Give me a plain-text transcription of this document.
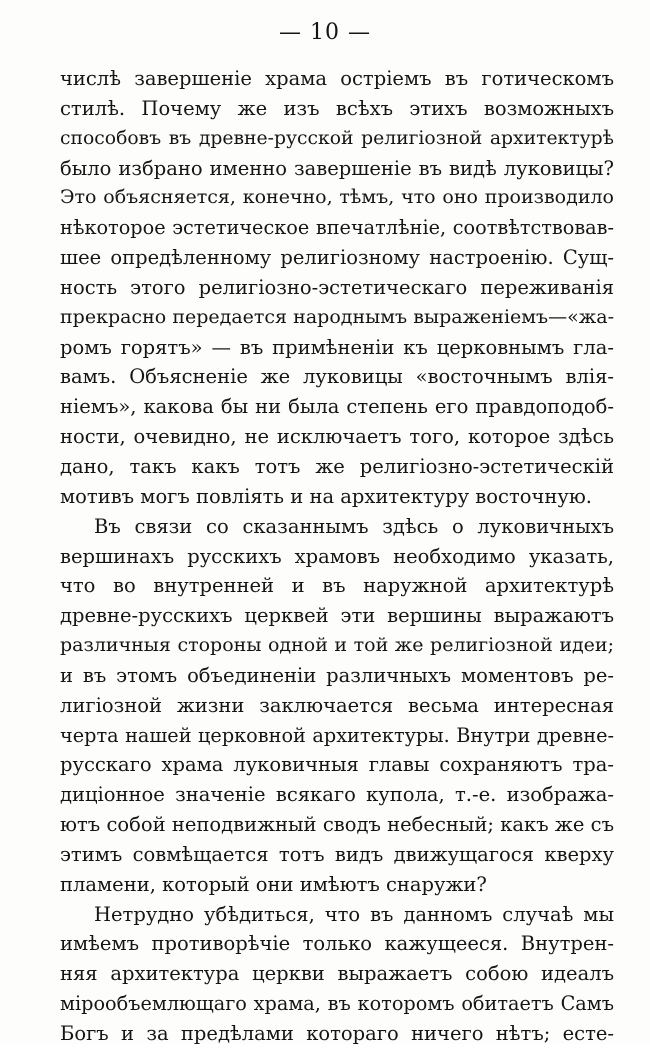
— 10 —
числѣ завершеніе храма остріемъ въ готическомъ
стилѣ. Почему же изъ всѣхъ этихъ возможныхъ
способовъ въ древне-русской религіозной архитектурѣ
было избрано именно завершеніе въ видѣ луковицы?
Это объясняется, конечно, тѣмъ, что оно производило
нѣкоторое эстетическое впечатлѣніе, соотвѣтствовав-
шее опредѣленному религіозному настроенію. Сущ-
ность этого религіозно-эстетическаго переживанія
прекрасно передается народнымъ выраженіемъ—«жа-
ромъ горятъ» — въ примѣненіи къ церковнымъ гла-
вамъ. Объясненіе же луковицы «восточнымъ влія-
ніемъ», какова бы ни была степень его правдоподоб-
ности, очевидно, не исключаетъ того, которое здѣсь
дано, такъ какъ тотъ же религіозно-эстетическій
мотивъ могъ повліять и на архитектуру восточную.
Въ связи со сказаннымъ здѣсь о луковичныхъ
вершинахъ русскихъ храмовъ необходимо указать,
что во внутренней и въ наружной архитектурѣ
древне-русскихъ церквей эти вершины выражаютъ
различныя стороны одной и той же религіозной идеи;
и въ этомъ объединеніи различныхъ моментовъ ре-
лигіозной жизни заключается весьма интересная
черта нашей церковной архитектуры. Внутри древне-
русскаго храма луковичныя главы сохраняютъ тра-
диціонное значеніе всякаго купола, т.-е. изобража-
ютъ собой неподвижный сводъ небесный; какъ же съ
этимъ совмѣщается тотъ видъ движущагося кверху
пламени, который они имѣютъ снаружи?
Нетрудно убѣдиться, что въ данномъ случаѣ мы
имѣемъ противорѣчіе только кажущееся. Внутрен-
няя архитектура церкви выражаетъ собою идеалъ
мірообъемлющаго храма, въ которомъ обитаетъ Самъ
Богъ и за предѣлами котораго ничего нѣтъ; есте-
